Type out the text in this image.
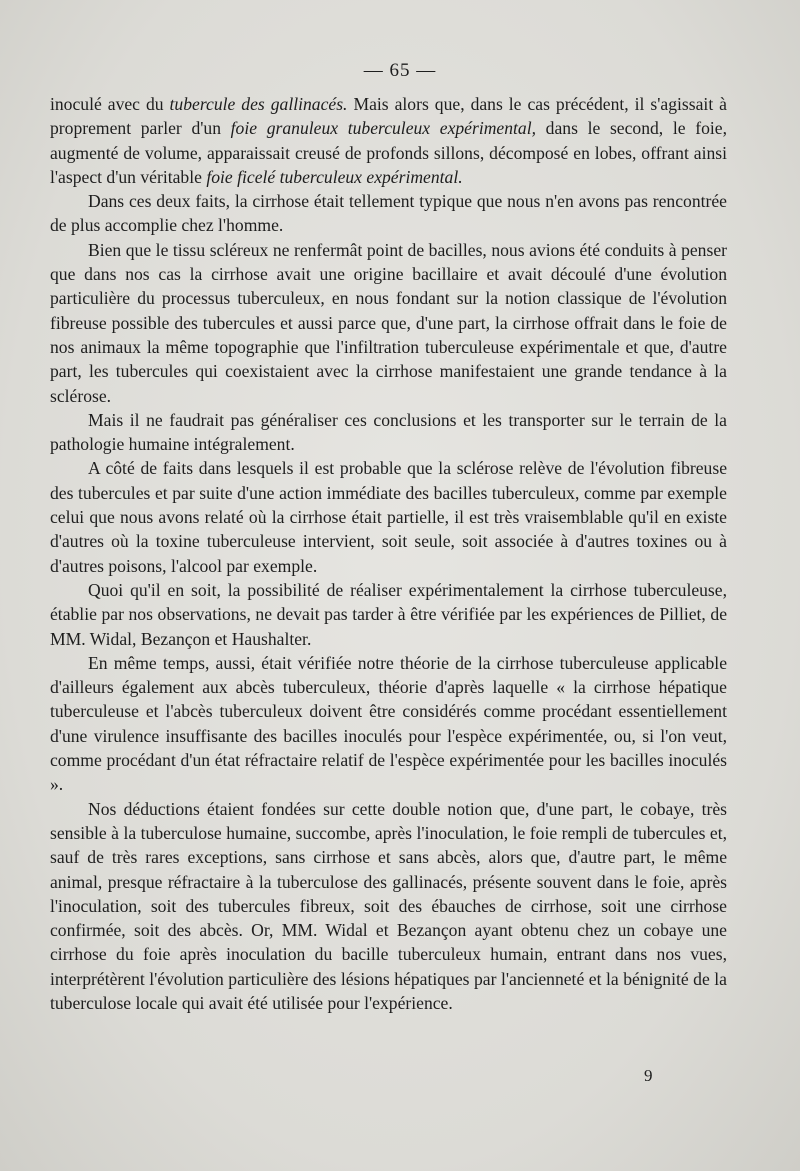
— 65 —

inoculé avec du tubercule des gallinacés. Mais alors que, dans le cas précédent, il s'agissait à proprement parler d'un foie granuleux tuberculeux expérimental, dans le second, le foie, augmenté de volume, apparaissait creusé de profonds sillons, décomposé en lobes, offrant ainsi l'aspect d'un véritable foie ficelé tuberculeux expérimental.

Dans ces deux faits, la cirrhose était tellement typique que nous n'en avons pas rencontrée de plus accomplie chez l'homme.

Bien que le tissu scléreux ne renfermât point de bacilles, nous avions été conduits à penser que dans nos cas la cirrhose avait une origine bacillaire et avait découlé d'une évolution particulière du processus tuberculeux, en nous fondant sur la notion classique de l'évolution fibreuse possible des tubercules et aussi parce que, d'une part, la cirrhose offrait dans le foie de nos animaux la même topographie que l'infiltration tuberculeuse expérimentale et que, d'autre part, les tubercules qui coexistaient avec la cirrhose manifestaient une grande tendance à la sclérose.

Mais il ne faudrait pas généraliser ces conclusions et les transporter sur le terrain de la pathologie humaine intégralement.

A côté de faits dans lesquels il est probable que la sclérose relève de l'évolution fibreuse des tubercules et par suite d'une action immédiate des bacilles tuberculeux, comme par exemple celui que nous avons relaté où la cirrhose était partielle, il est très vraisemblable qu'il en existe d'autres où la toxine tuberculeuse intervient, soit seule, soit associée à d'autres toxines ou à d'autres poisons, l'alcool par exemple.

Quoi qu'il en soit, la possibilité de réaliser expérimentalement la cirrhose tuberculeuse, établie par nos observations, ne devait pas tarder à être vérifiée par les expériences de Pilliet, de MM. Widal, Bezançon et Haushalter.

En même temps, aussi, était vérifiée notre théorie de la cirrhose tuberculeuse applicable d'ailleurs également aux abcès tuberculeux, théorie d'après laquelle « la cirrhose hépatique tuberculeuse et l'abcès tuberculeux doivent être considérés comme procédant essentiellement d'une virulence insuffisante des bacilles inoculés pour l'espèce expérimentée, ou, si l'on veut, comme procédant d'un état réfractaire relatif de l'espèce expérimentée pour les bacilles inoculés ».

Nos déductions étaient fondées sur cette double notion que, d'une part, le cobaye, très sensible à la tuberculose humaine, succombe, après l'inoculation, le foie rempli de tubercules et, sauf de très rares exceptions, sans cirrhose et sans abcès, alors que, d'autre part, le même animal, presque réfractaire à la tuberculose des gallinacés, présente souvent dans le foie, après l'inoculation, soit des tubercules fibreux, soit des ébauches de cirrhose, soit une cirrhose confirmée, soit des abcès. Or, MM. Widal et Bezançon ayant obtenu chez un cobaye une cirrhose du foie après inoculation du bacille tuberculeux humain, entrant dans nos vues, interprétèrent l'évolution particulière des lésions hépatiques par l'ancienneté et la bénignité de la tuberculose locale qui avait été utilisée pour l'expérience.

9
